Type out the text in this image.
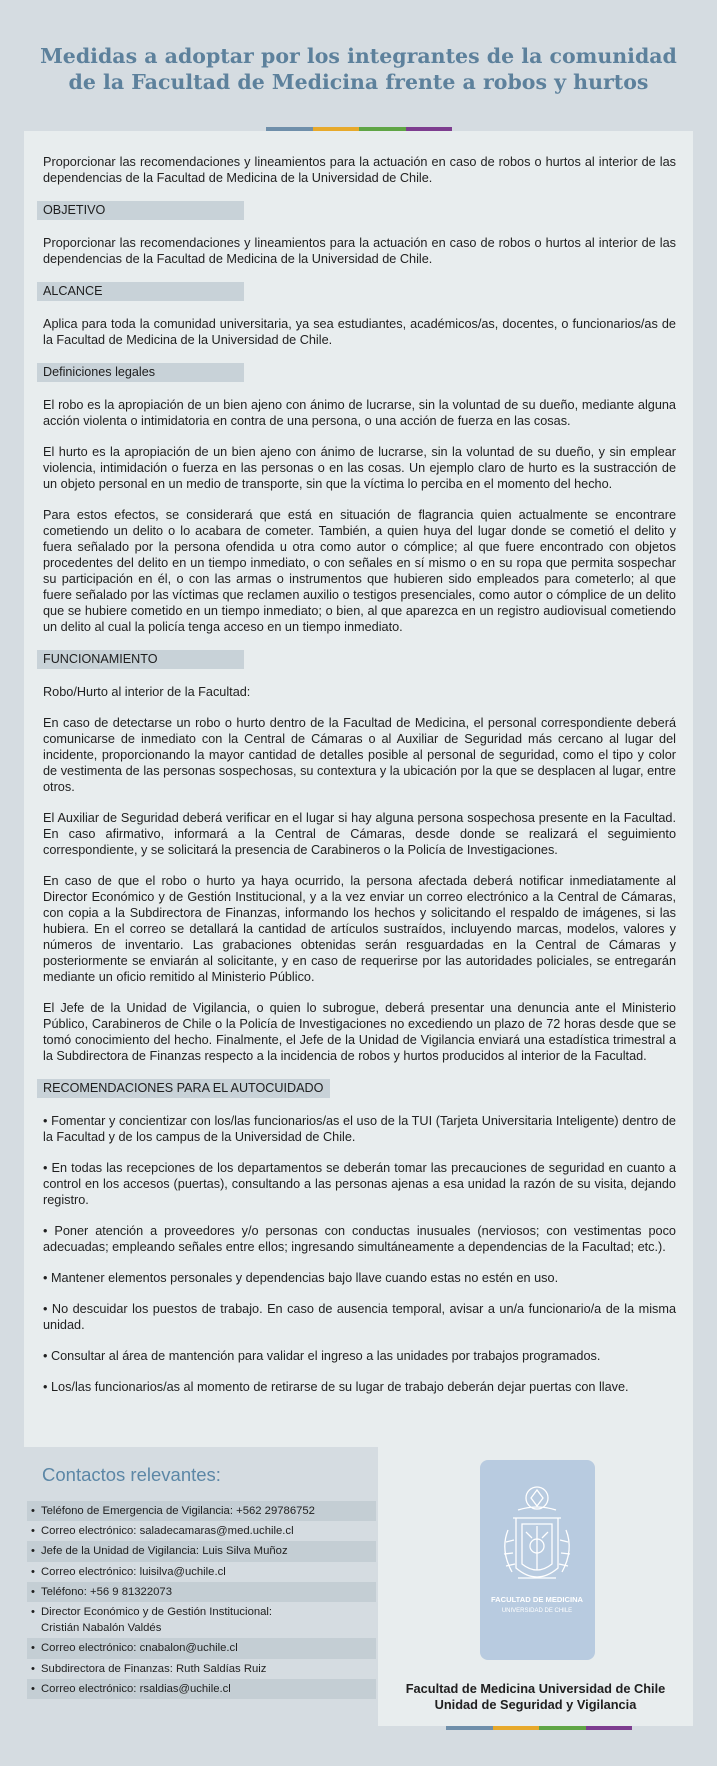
Medidas a adoptar por los integrantes de la comunidad de la Facultad de Medicina frente a robos y hurtos

Proporcionar las recomendaciones y lineamientos para la actuación en caso de robos o hurtos al interior de las dependencias de la Facultad de Medicina de la Universidad de Chile.

OBJETIVO

Proporcionar las recomendaciones y lineamientos para la actuación en caso de robos o hurtos al interior de las dependencias de la Facultad de Medicina de la Universidad de Chile.

ALCANCE

Aplica para toda la comunidad universitaria, ya sea estudiantes, académicos/as, docentes, o funcionarios/as de la Facultad de Medicina de la Universidad de Chile.

Definiciones legales

El robo es la apropiación de un bien ajeno con ánimo de lucrarse, sin la voluntad de su dueño, mediante alguna acción violenta o intimidatoria en contra de una persona, o una acción de fuerza en las cosas.

El hurto es la apropiación de un bien ajeno con ánimo de lucrarse, sin la voluntad de su dueño, y sin emplear violencia, intimidación o fuerza en las personas o en las cosas. Un ejemplo claro de hurto es la sustracción de un objeto personal en un medio de transporte, sin que la víctima lo perciba en el momento del hecho.

Para estos efectos, se considerará que está en situación de flagrancia quien actualmente se encontrare cometiendo un delito o lo acabara de cometer. También, a quien huya del lugar donde se cometió el delito y fuera señalado por la persona ofendida u otra como autor o cómplice; al que fuere encontrado con objetos procedentes del delito en un tiempo inmediato, o con señales en sí mismo o en su ropa que permita sospechar su participación en él, o con las armas o instrumentos que hubieren sido empleados para cometerlo; al que fuere señalado por las víctimas que reclamen auxilio o testigos presenciales, como autor o cómplice de un delito que se hubiere cometido en un tiempo inmediato; o bien, al que aparezca en un registro audiovisual cometiendo un delito al cual la policía tenga acceso en un tiempo inmediato.

FUNCIONAMIENTO

Robo/Hurto al interior de la Facultad:

En caso de detectarse un robo o hurto dentro de la Facultad de Medicina, el personal correspondiente deberá comunicarse de inmediato con la Central de Cámaras o al Auxiliar de Seguridad más cercano al lugar del incidente, proporcionando la mayor cantidad de detalles posible al personal de seguridad, como el tipo y color de vestimenta de las personas sospechosas, su contextura y la ubicación por la que se desplacen al lugar, entre otros.

El Auxiliar de Seguridad deberá verificar en el lugar si hay alguna persona sospechosa presente en la Facultad. En caso afirmativo, informará a la Central de Cámaras, desde donde se realizará el seguimiento correspondiente, y se solicitará la presencia de Carabineros o la Policía de Investigaciones.

En caso de que el robo o hurto ya haya ocurrido, la persona afectada deberá notificar inmediatamente al Director Económico y de Gestión Institucional, y a la vez enviar un correo electrónico a la Central de Cámaras, con copia a la Subdirectora de Finanzas, informando los hechos y solicitando el respaldo de imágenes, si las hubiera. En el correo se detallará la cantidad de artículos sustraídos, incluyendo marcas, modelos, valores y números de inventario. Las grabaciones obtenidas serán resguardadas en la Central de Cámaras y posteriormente se enviarán al solicitante, y en caso de requerirse por las autoridades policiales, se entregarán mediante un oficio remitido al Ministerio Público.

El Jefe de la Unidad de Vigilancia, o quien lo subrogue, deberá presentar una denuncia ante el Ministerio Público, Carabineros de Chile o la Policía de Investigaciones no excediendo un plazo de 72 horas desde que se tomó conocimiento del hecho. Finalmente, el Jefe de la Unidad de Vigilancia enviará una estadística trimestral a la Subdirectora de Finanzas respecto a la incidencia de robos y hurtos producidos al interior de la Facultad.

RECOMENDACIONES PARA EL AUTOCUIDADO

• Fomentar y concientizar con los/las funcionarios/as el uso de la TUI (Tarjeta Universitaria Inteligente) dentro de la Facultad y de los campus de la Universidad de Chile.

• En todas las recepciones de los departamentos se deberán tomar las precauciones de seguridad en cuanto a control en los accesos (puertas), consultando a las personas ajenas a esa unidad la razón de su visita, dejando registro.

• Poner atención a proveedores y/o personas con conductas inusuales (nerviosos; con vestimentas poco adecuadas; empleando señales entre ellos; ingresando simultáneamente a dependencias de la Facultad; etc.).

• Mantener elementos personales y dependencias bajo llave cuando estas no estén en uso.

• No descuidar los puestos de trabajo. En caso de ausencia temporal, avisar a un/a funcionario/a de la misma unidad.

• Consultar al área de mantención para validar el ingreso a las unidades por trabajos programados.

• Los/las funcionarios/as al momento de retirarse de su lugar de trabajo deberán dejar puertas con llave.

Contactos relevantes:
• Teléfono de Emergencia de Vigilancia: +562 29786752
• Correo electrónico: saladecamaras@med.uchile.cl
• Jefe de la Unidad de Vigilancia: Luis Silva Muñoz
• Correo electrónico: luisilva@uchile.cl
• Teléfono: +56 9 81322073
• Director Económico y de Gestión Institucional:
Cristián Nabalón Valdés
• Correo electrónico: cnabalon@uchile.cl
• Subdirectora de Finanzas: Ruth Saldías Ruiz
• Correo electrónico: rsaldias@uchile.cl
FACULTAD DE MEDICINA
UNIVERSIDAD DE CHILE
Facultad de Medicina Universidad de Chile
Unidad de Seguridad y Vigilancia
